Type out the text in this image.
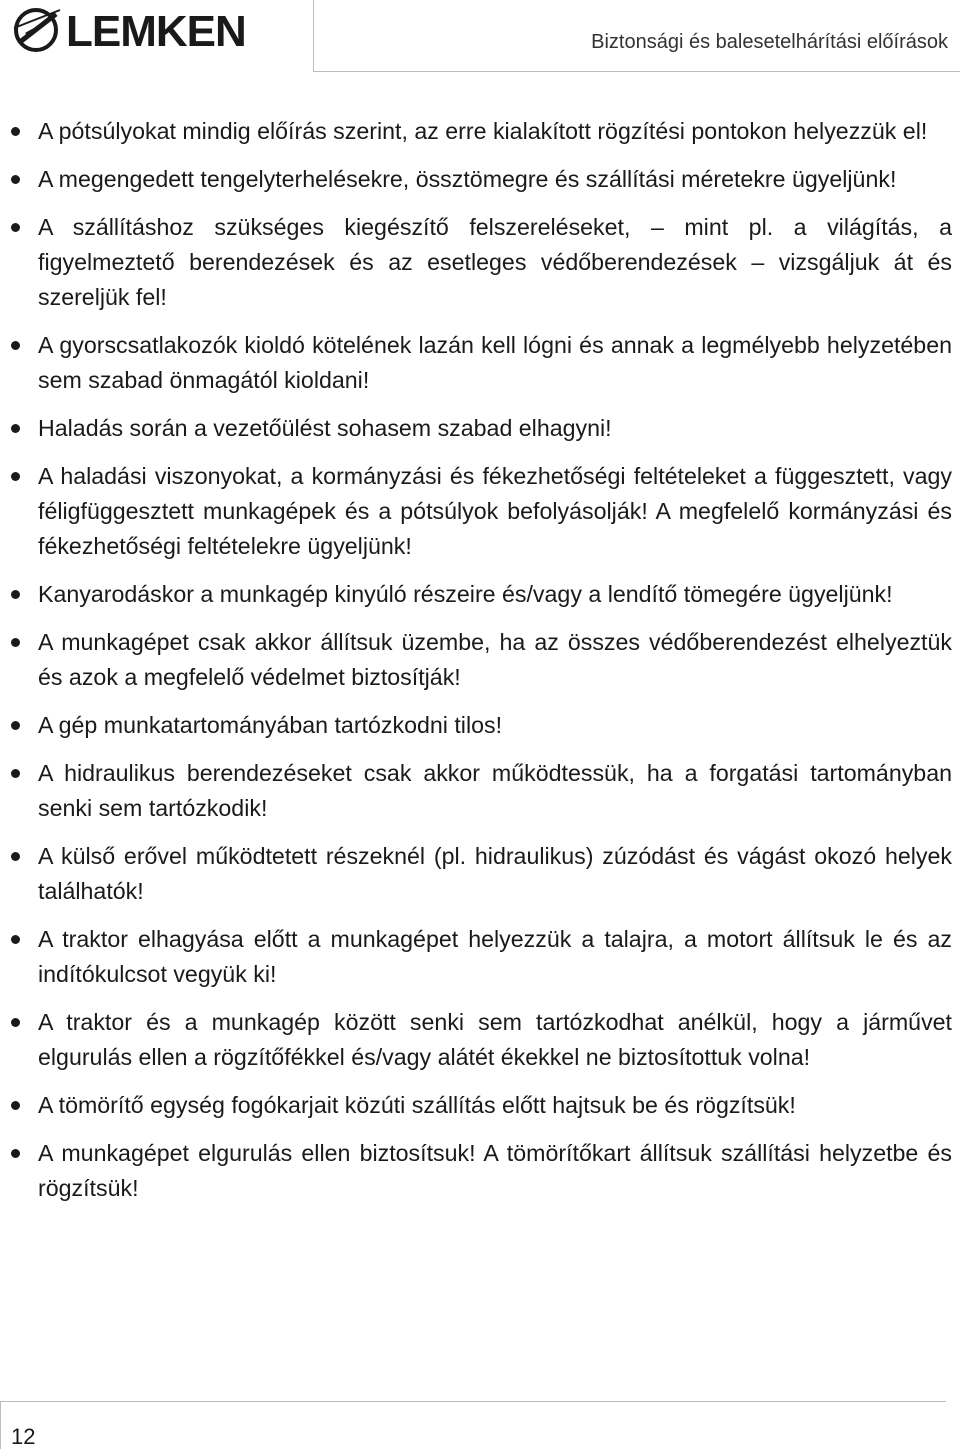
LEMKEN	Biztonsági és balesetelhárítási előírások
A pótsúlyokat mindig előírás szerint, az erre kialakított rögzítési pontokon helyezzük el!
A megengedett tengelyterhelésekre, össztömegre és szállítási méretekre ügyeljünk!
A szállításhoz szükséges kiegészítő felszereléseket, – mint pl. a világítás, a figyelmeztető berendezések és az esetleges védőberendezések – vizsgáljuk át és szereljük fel!
A gyorscsatlakozók kioldó kötelének lazán kell lógni és annak a legmélyebb helyzetében sem szabad önmagától kioldani!
Haladás során a vezetőülést sohasem szabad elhagyni!
A haladási viszonyokat, a kormányzási és fékezhetőségi feltételeket a függesztett, vagy féligfüggesztett munkagépek és a pótsúlyok befolyásolják! A megfelelő kormányzási és fékezhetőségi feltételekre ügyeljünk!
Kanyarodáskor a munkagép kinyúló részeire és/vagy a lendítő tömegére ügyeljünk!
A munkagépet csak akkor állítsuk üzembe, ha az összes védőberendezést elhelyeztük és azok a megfelelő védelmet biztosítják!
A gép munkatartományában tartózkodni tilos!
A hidraulikus berendezéseket csak akkor működtessük, ha a forgatási tartományban senki sem tartózkodik!
A külső erővel működtetett részeknél (pl. hidraulikus) zúzódást és vágást okozó helyek találhatók!
A traktor elhagyása előtt a munkagépet helyezzük a talajra, a motort állítsuk le és az indítókulcsot vegyük ki!
A traktor és a munkagép között senki sem tartózkodhat anélkül, hogy a járművet elgurulás ellen a rögzítőfékkel és/vagy alátét ékekkel ne biztosítottuk volna!
A tömörítő egység fogókarjait közúti szállítás előtt hajtsuk be és rögzítsük!
A munkagépet elgurulás ellen biztosítsuk! A tömörítőkart állítsuk szállítási helyzetbe és rögzítsük!
12
